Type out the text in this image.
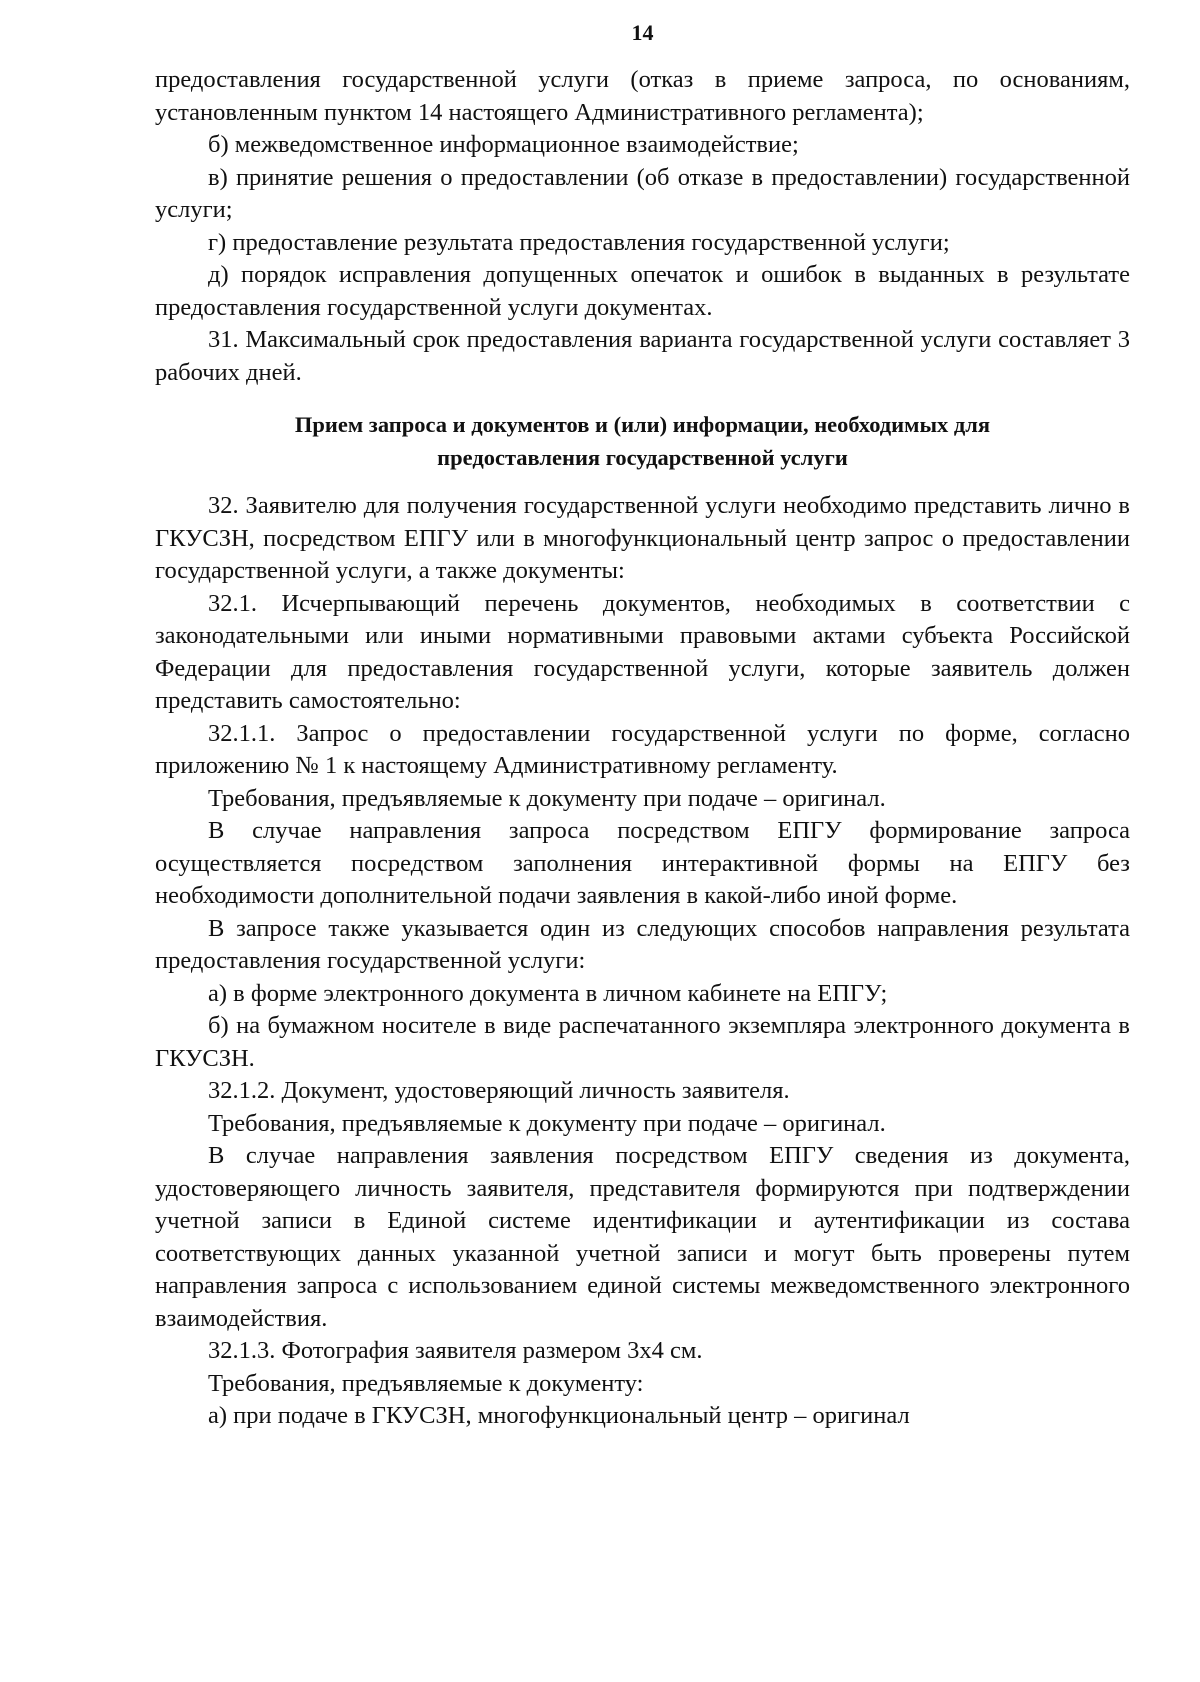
14

предоставления государственной услуги (отказ в приеме запроса, по основаниям, установленным пунктом 14 настоящего Административного регламента);

б) межведомственное информационное взаимодействие;

в) принятие решения о предоставлении (об отказе в предоставлении) государственной услуги;

г) предоставление результата предоставления государственной услуги;

д) порядок исправления допущенных опечаток и ошибок в выданных в результате предоставления государственной услуги документах.

31. Максимальный срок предоставления варианта государственной услуги составляет 3 рабочих дней.

Прием запроса и документов и (или) информации, необходимых для
предоставления государственной услуги

32. Заявителю для получения государственной услуги необходимо представить лично в ГКУСЗН, посредством ЕПГУ или в многофункциональный центр запрос о предоставлении государственной услуги, а также документы:

32.1. Исчерпывающий перечень документов, необходимых в соответствии с законодательными или иными нормативными правовыми актами субъекта Российской Федерации для предоставления государственной услуги, которые заявитель должен представить самостоятельно:

32.1.1. Запрос о предоставлении государственной услуги по форме, согласно приложению № 1 к настоящему Административному регламенту.

Требования, предъявляемые к документу при подаче – оригинал.

В случае направления запроса посредством ЕПГУ формирование запроса осуществляется посредством заполнения интерактивной формы на ЕПГУ без необходимости дополнительной подачи заявления в какой-либо иной форме.

В запросе также указывается один из следующих способов направления результата предоставления государственной услуги:

а) в форме электронного документа в личном кабинете на ЕПГУ;

б) на бумажном носителе в виде распечатанного экземпляра электронного документа в ГКУСЗН.

32.1.2. Документ, удостоверяющий личность заявителя.

Требования, предъявляемые к документу при подаче – оригинал.

В случае направления заявления посредством ЕПГУ сведения из документа, удостоверяющего личность заявителя, представителя формируются при подтверждении учетной записи в Единой системе идентификации и аутентификации из состава соответствующих данных указанной учетной записи и могут быть проверены путем направления запроса с использованием единой системы межведомственного электронного взаимодействия.

32.1.3. Фотография заявителя размером 3х4 см.

Требования, предъявляемые к документу:

а) при подаче в ГКУСЗН, многофункциональный центр – оригинал
